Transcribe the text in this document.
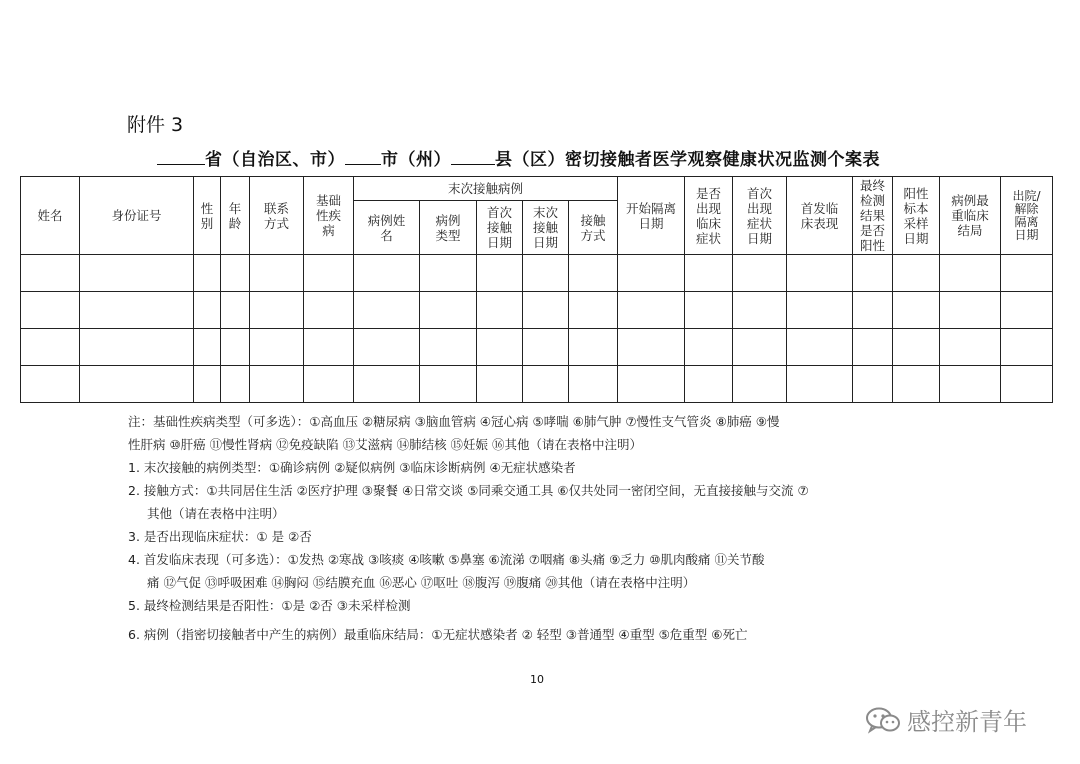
附件 3
省（自治区、市） 市（州）	县（区）密切接触者医学观察健康状况监测个案表
姓名	身份证号	性别	年龄	联系方式	基础性疾病	末次接触病例					开始隔离日期	是否出现临床症状	首次出现症状日期	首发临床表现	最终检测结果是否阳性	阳性标本采样日期	病例最重临床结局	出院/解除隔离日期
						病例姓名	病例类型	首次接触日期	末次接触日期	接触方式								

注：基础性疾病类型（可多选）：①高血压 ②糖尿病 ③脑血管病 ④冠心病 ⑤哮喘 ⑥肺气肿 ⑦慢性支气管炎 ⑧肺癌 ⑨慢

性肝病 ⑩肝癌 ⑪慢性肾病 ⑫免疫缺陷 ⑬艾滋病 ⑭肺结核 ⑮妊娠 ⑯其他（请在表格中注明）

1. 末次接触的病例类型：①确诊病例 ②疑似病例 ③临床诊断病例 ④无症状感染者

2. 接触方式：①共同居住生活 ②医疗护理 ③聚餐 ④日常交谈 ⑤同乘交通工具 ⑥仅共处同一密闭空间，无直接接触与交流 ⑦

其他（请在表格中注明）

3. 是否出现临床症状：① 是 ②否

4. 首发临床表现（可多选）：①发热 ②寒战 ③咳痰 ④咳嗽 ⑤鼻塞 ⑥流涕 ⑦咽痛 ⑧头痛 ⑨乏力 ⑩肌肉酸痛 ⑪关节酸

痛 ⑫气促 ⑬呼吸困难 ⑭胸闷 ⑮结膜充血 ⑯恶心 ⑰呕吐 ⑱腹泻 ⑲腹痛 ⑳其他（请在表格中注明）

5. 最终检测结果是否阳性：①是 ②否 ③未采样检测

6. 病例（指密切接触者中产生的病例）最重临床结局：①无症状感染者 ② 轻型 ③普通型 ④重型 ⑤危重型 ⑥死亡

10
感控新青年
